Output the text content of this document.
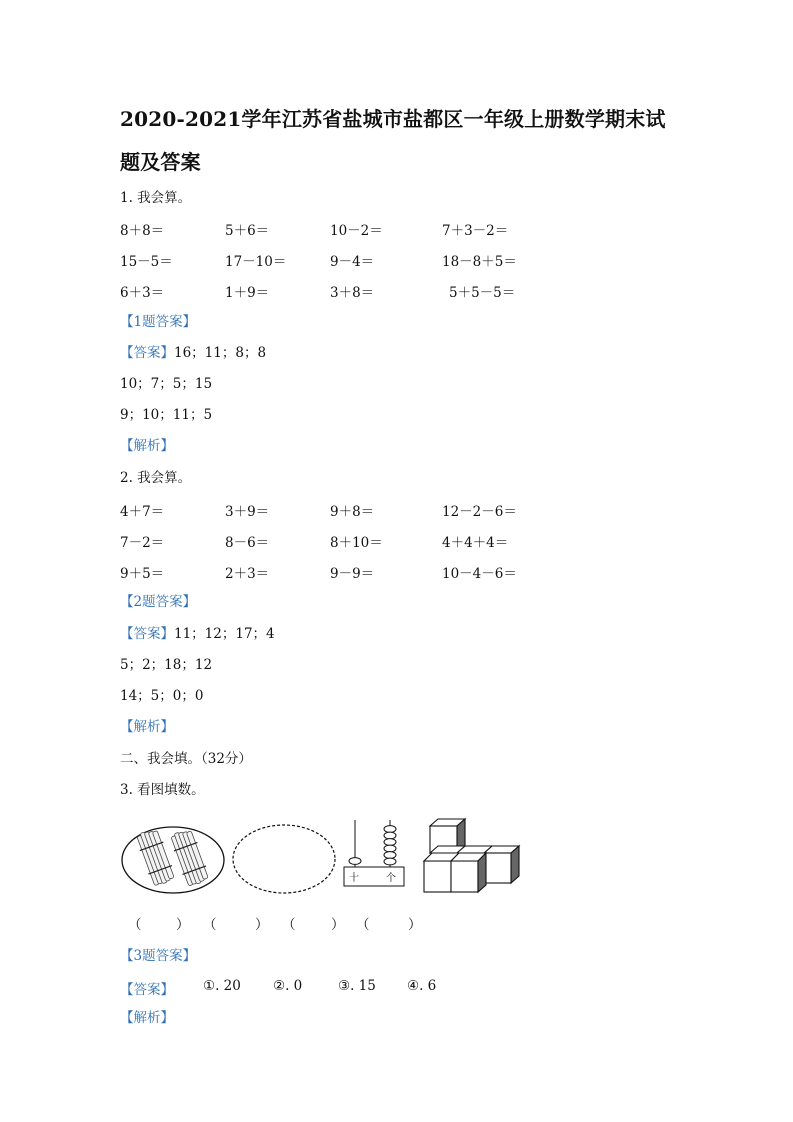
2020-2021学年江苏省盐城市盐都区一年级上册数学期末试
题及答案
1. 我会算。
8＋8＝	5＋6＝	10－2＝	7＋3－2＝
15－5＝	17－10＝	9－4＝	18－8＋5＝
6＋3＝	1＋9＝	3＋8＝	5＋5－5＝
【1题答案】
【答案】16；11；8；8
10；7；5；15
9；10；11；5
【解析】
2. 我会算。
4＋7＝	3＋9＝	9＋8＝	12－2－6＝
7－2＝	8－6＝	8＋10＝	4＋4＋4＝
9＋5＝	2＋3＝	9－9＝	10－4－6＝
【2题答案】
【答案】11；12；17；4
5；2；18；12
14；5；0；0
【解析】
二、我会填。（32分）
3. 看图填数。
十	个
（	） （	） （	） （	）
【3题答案】
【答案】 ①. 20 ②. 0	③. 15 ④. 6
【解析】
